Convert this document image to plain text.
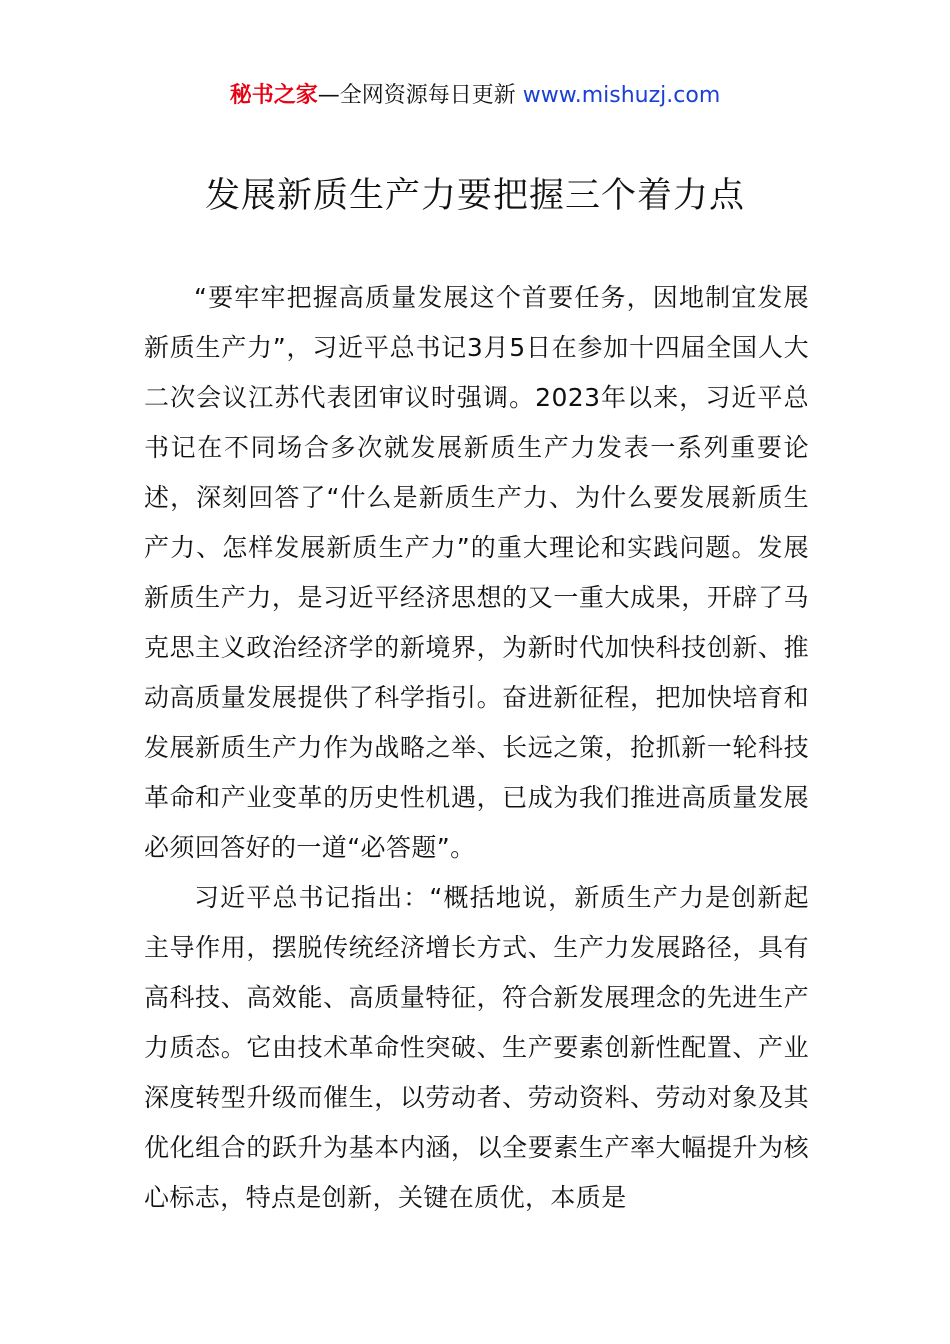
秘书之家—全网资源每日更新 www.mishuzj.com
发展新质生产力要把握三个着力点

“要牢牢把握高质量发展这个首要任务，因地制宜发展新质生产力”，习近平总书记3月5日在参加十四届全国人大二次会议江苏代表团审议时强调。2023年以来，习近平总书记在不同场合多次就发展新质生产力发表一系列重要论述，深刻回答了“什么是新质生产力、为什么要发展新质生产力、怎样发展新质生产力”的重大理论和实践问题。发展新质生产力，是习近平经济思想的又一重大成果，开辟了马克思主义政治经济学的新境界，为新时代加快科技创新、推动高质量发展提供了科学指引。奋进新征程，把加快培育和发展新质生产力作为战略之举、长远之策，抢抓新一轮科技革命和产业变革的历史性机遇，已成为我们推进高质量发展必须回答好的一道“必答题”。

习近平总书记指出：“概括地说，新质生产力是创新起主导作用，摆脱传统经济增长方式、生产力发展路径，具有高科技、高效能、高质量特征，符合新发展理念的先进生产力质态。它由技术革命性突破、生产要素创新性配置、产业深度转型升级而催生，以劳动者、劳动资料、劳动对象及其优化组合的跃升为基本内涵，以全要素生产率大幅提升为核心标志，特点是创新，关键在质优，本质是
